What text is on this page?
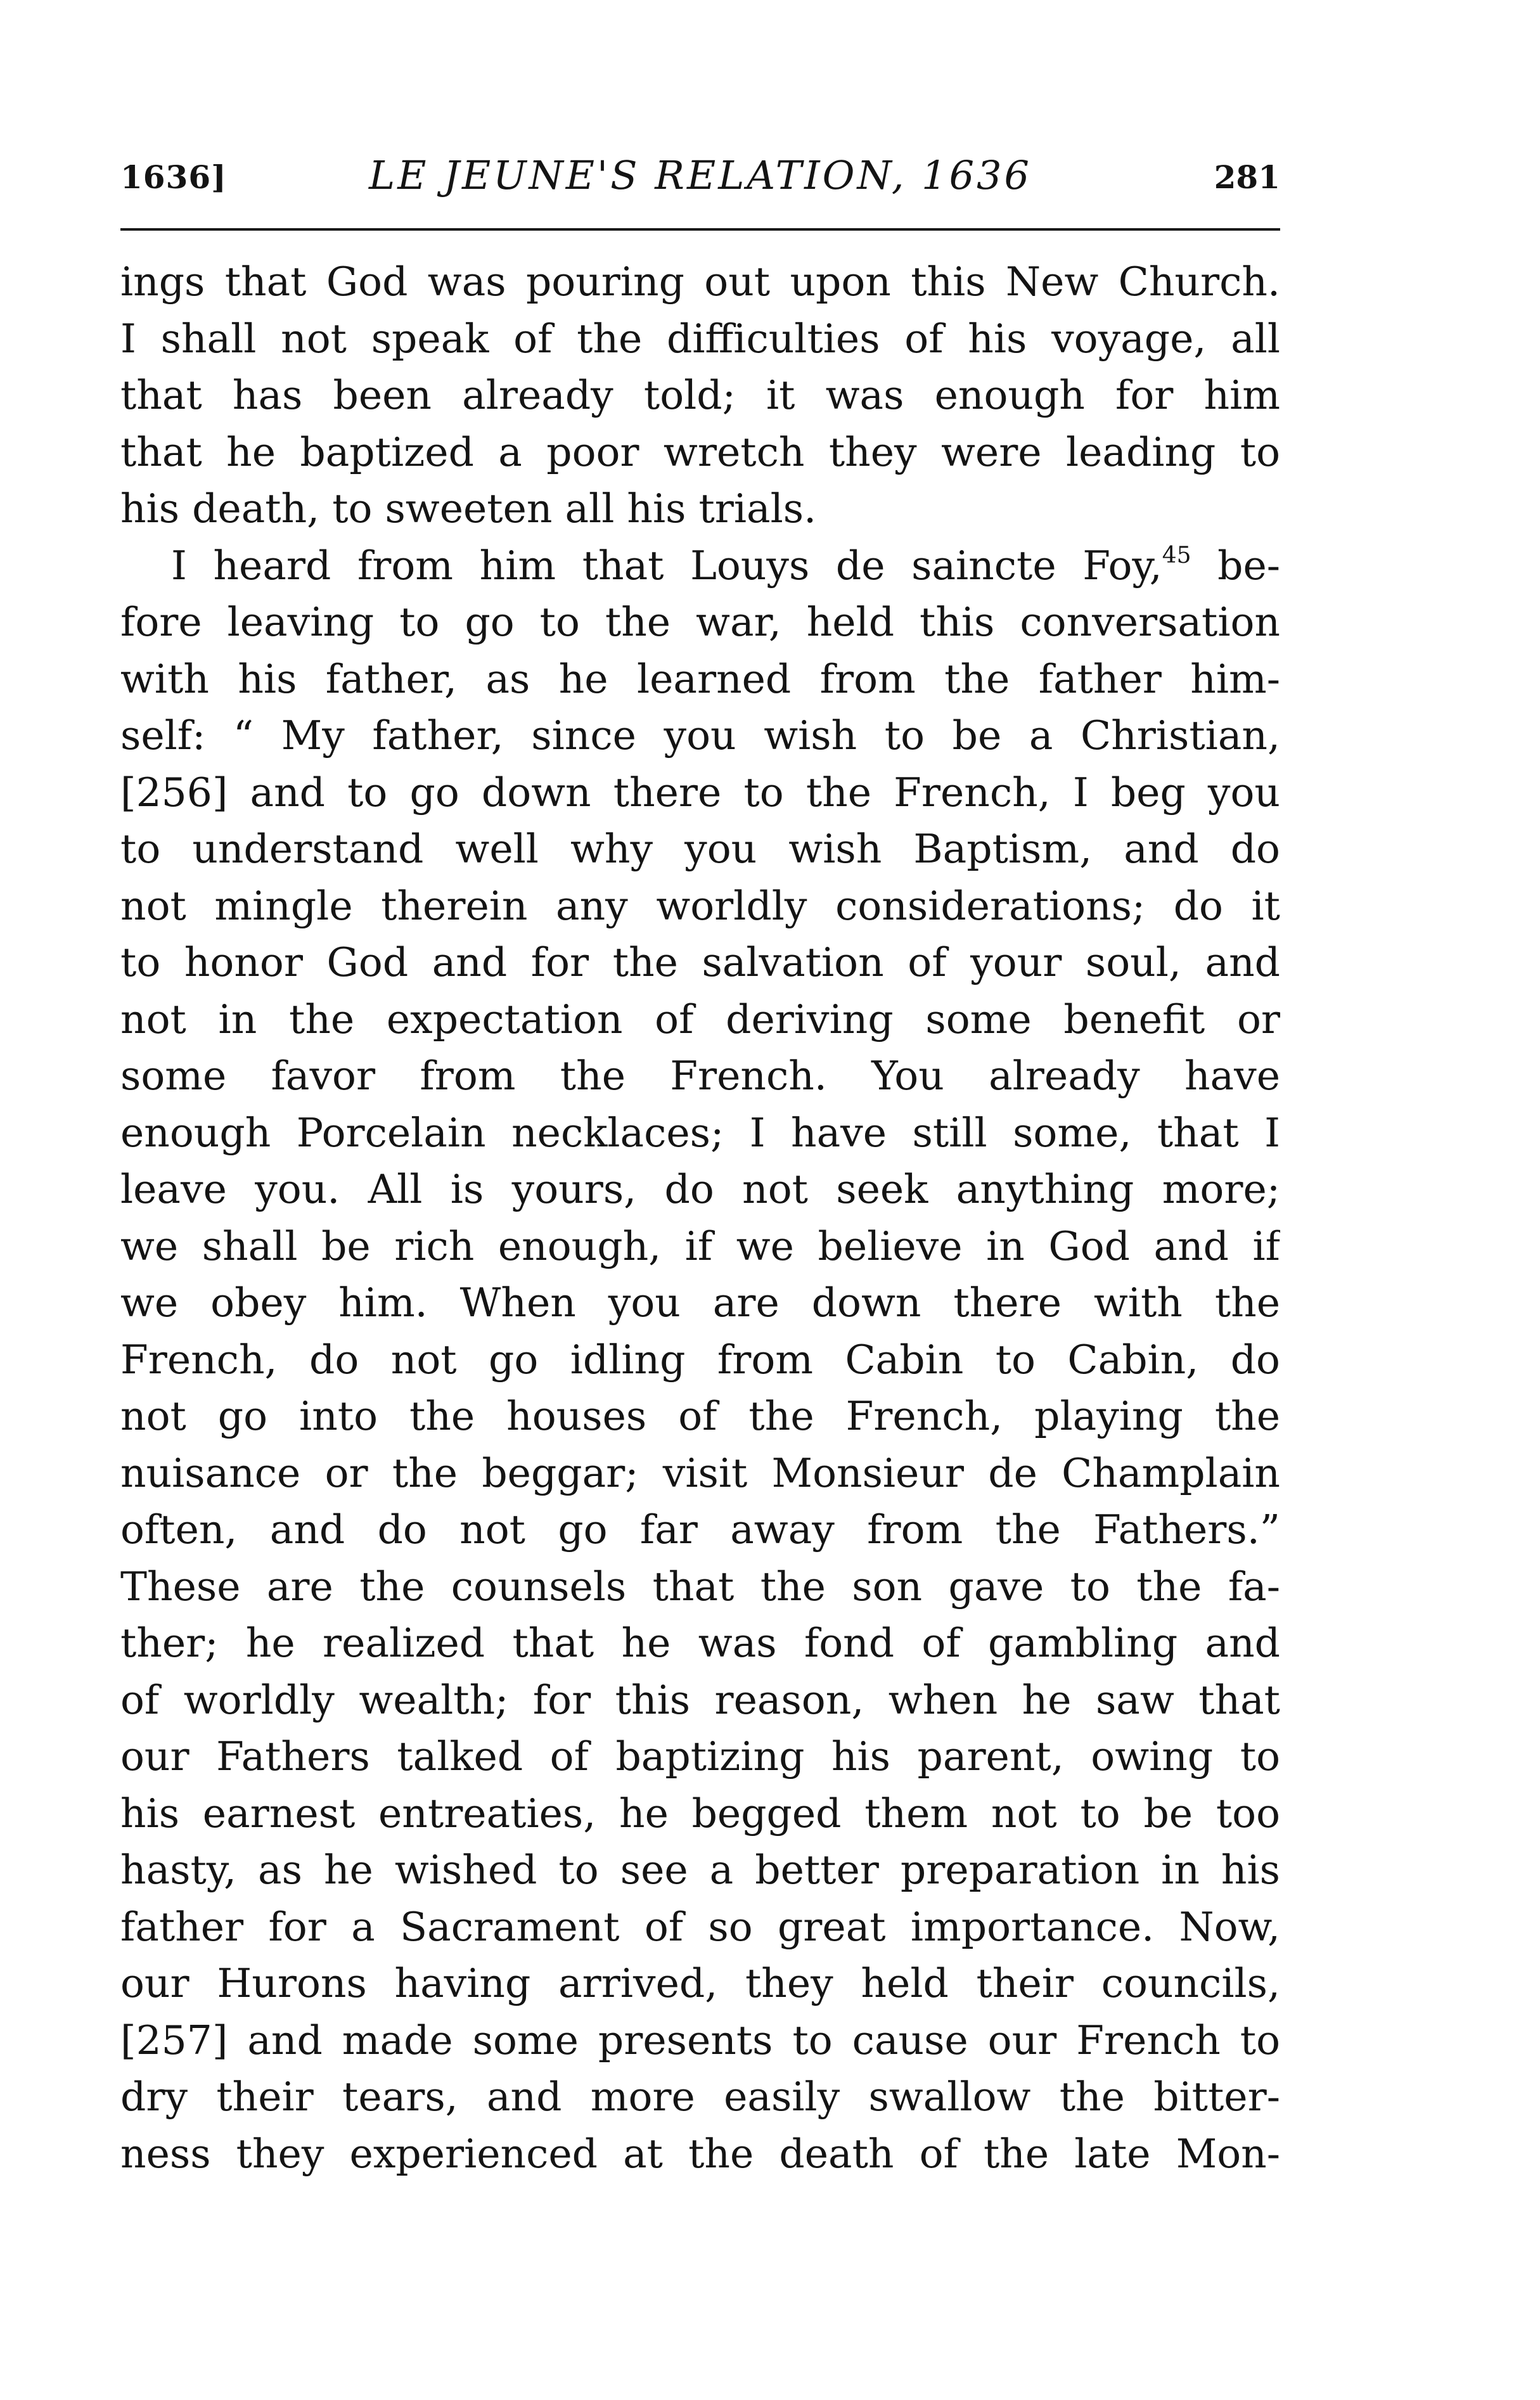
1636]	LE JEUNE'S RELATION, 1636	281
ings that God was pouring out upon this New Church.
I shall not speak of the difficulties of his voyage, all
that has been already told; it was enough for him
that he baptized a poor wretch they were leading to
his death, to sweeten all his trials.
I heard from him that Louys de saincte Foy,$^{45}$ be-
fore leaving to go to the war, held this conversation
with his father, as he learned from the father him-
self: “ My father, since you wish to be a Christian,
[256] and to go down there to the French, I beg you
to understand well why you wish Baptism, and do
not mingle therein any worldly considerations; do it
to honor God and for the salvation of your soul, and
not in the expectation of deriving some benefit or
some favor from the French. You already have
enough Porcelain necklaces; I have still some, that I
leave you. All is yours, do not seek anything more;
we shall be rich enough, if we believe in God and if
we obey him. When you are down there with the
French, do not go idling from Cabin to Cabin, do
not go into the houses of the French, playing the
nuisance or the beggar; visit Monsieur de Champlain
often, and do not go far away from the Fathers.”
These are the counsels that the son gave to the fa-
ther; he realized that he was fond of gambling and
of worldly wealth; for this reason, when he saw that
our Fathers talked of baptizing his parent, owing to
his earnest entreaties, he begged them not to be too
hasty, as he wished to see a better preparation in his
father for a Sacrament of so great importance. Now,
our Hurons having arrived, they held their councils,
[257] and made some presents to cause our French to
dry their tears, and more easily swallow the bitter-
ness they experienced at the death of the late Mon-
